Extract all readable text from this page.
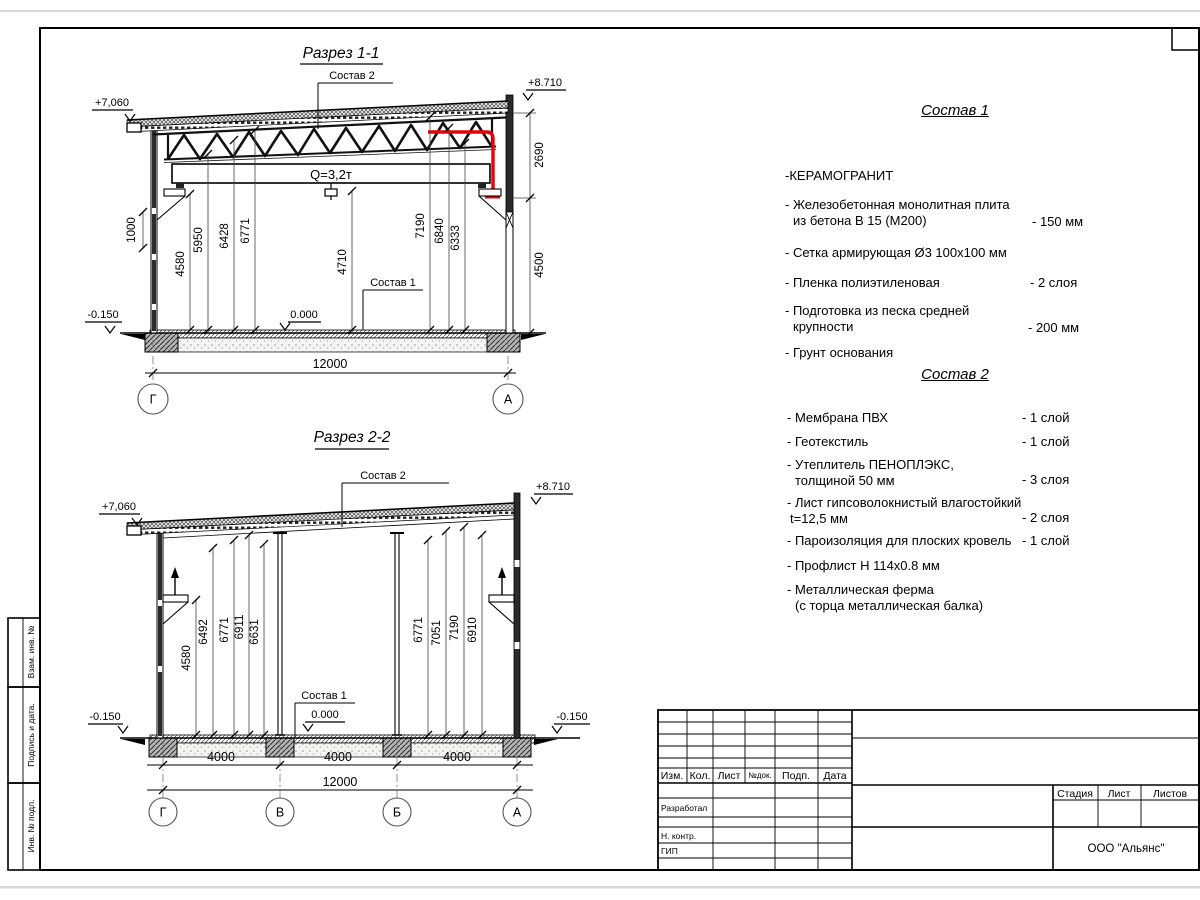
Взам. инв. №
Подпись и дата.
Инв. № подл.
Разрез 1-1
Q=3,2т
4580
5950 6428 6771
4710
7190 6840 6333
2690
4500
1000
+7,060
+8.710
0.000
-0.150
Состав 2
Состав 1
12000
Г	А
Разрез 2-2
4580
6492 6771 6911 6631	6771 7051 7190 6910
+7,060
+8.710
0.000
-0.150	-0.150
Состав 2
Состав 1
4000	4000	4000
12000
Г	В	Б	А
Изм. Кол. Лист №док. Подп. Дата
Разработал
Н. контр.
ГИП
Стадия Лист Листов
ООО "Альянс"
Состав 1
-КЕРАМОГРАНИТ
- Железобетонная монолитная плита
из бетона В 15 (М200)	- 150 мм
- Сетка армирующая Ø3 100х100 мм
- Пленка полиэтиленовая	- 2 слоя
- Подготовка из песка средней
крупности	- 200 мм
- Грунт основания
Состав 2
- Мембрана ПВХ	- 1 слой
- Геотекстиль	- 1 слой
- Утеплитель ПЕНОПЛЭКС,
толщиной 50 мм	- 3 слоя
- Лист гипсоволокнистый влагостойкий
t=12,5 мм	- 2 слоя
- Пароизоляция для плоских кровель - 1 слой
- Профлист Н 114х0.8 мм
- Металлическая ферма
(с торца металлическая балка)
